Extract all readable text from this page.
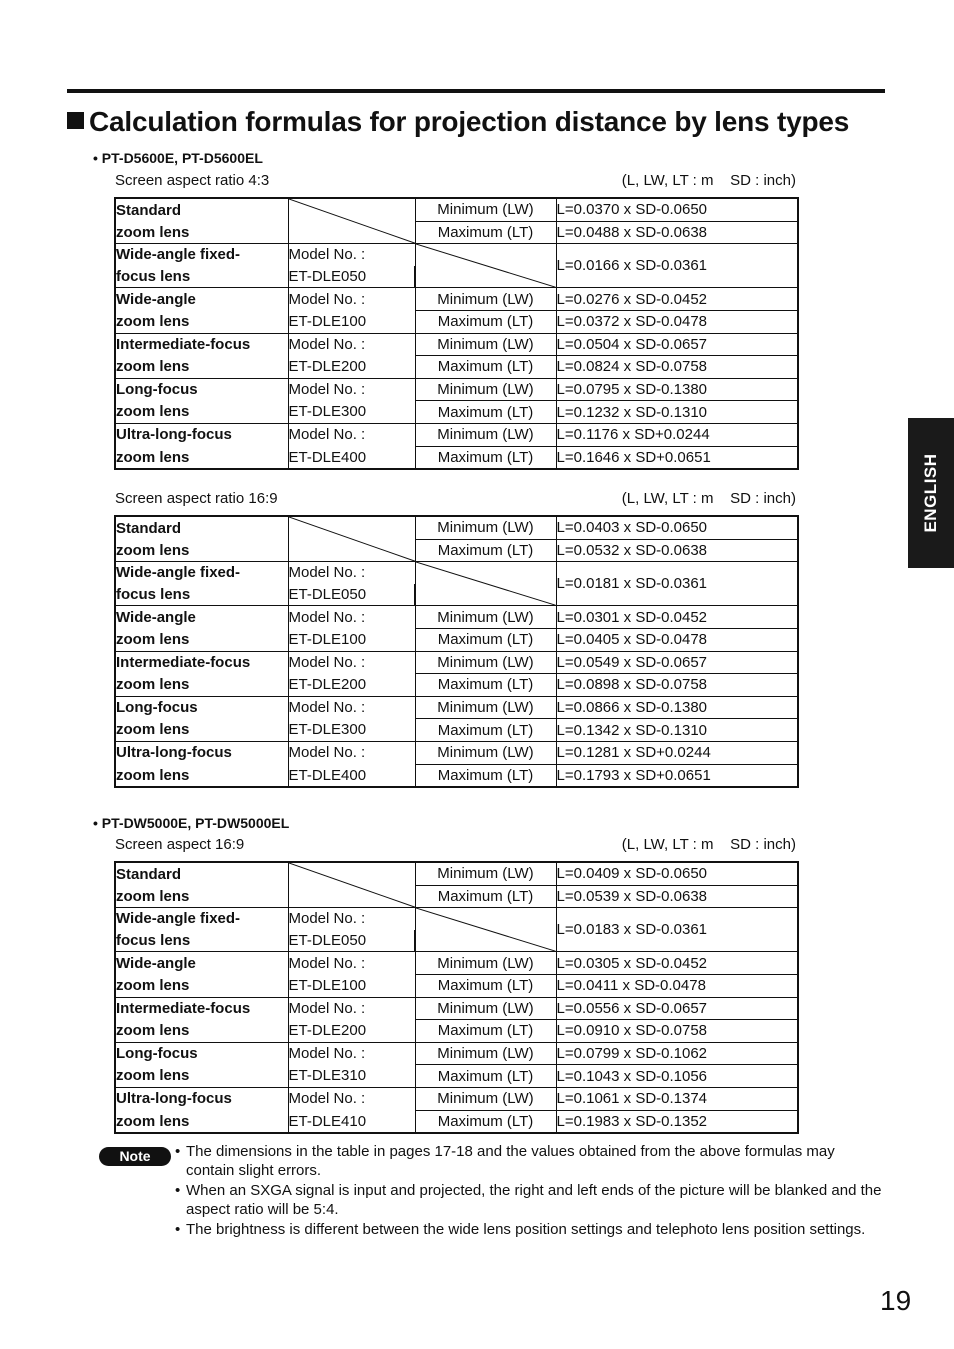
Calculation formulas for projection distance by lens types
ENGLISH
• PT-D5600E, PT-D5600EL
Screen aspect ratio 4:3	(L, LW, LT : m    SD : inch)
Standard		Minimum (LW)	L=0.0370 x SD-0.0650
zoom lens		Maximum (LT)	L=0.0488 x SD-0.0638
Wide-angle fixed-	Model No. :		L=0.0166 x SD-0.0361
focus lens	ET-DLE050		
Wide-angle	Model No. :	Minimum (LW)	L=0.0276 x SD-0.0452
zoom lens	ET-DLE100	Maximum (LT)	L=0.0372 x SD-0.0478
Intermediate-focus	Model No. :	Minimum (LW)	L=0.0504 x SD-0.0657
zoom lens	ET-DLE200	Maximum (LT)	L=0.0824 x SD-0.0758
Long-focus	Model No. :	Minimum (LW)	L=0.0795 x SD-0.1380
zoom lens	ET-DLE300	Maximum (LT)	L=0.1232 x SD-0.1310
Ultra-long-focus	Model No. :	Minimum (LW)	L=0.1176 x SD+0.0244
zoom lens	ET-DLE400	Maximum (LT)	L=0.1646 x SD+0.0651
Screen aspect ratio 16:9	(L, LW, LT : m    SD : inch)
Standard		Minimum (LW)	L=0.0403 x SD-0.0650
zoom lens		Maximum (LT)	L=0.0532 x SD-0.0638
Wide-angle fixed-	Model No. :		L=0.0181 x SD-0.0361
focus lens	ET-DLE050		
Wide-angle	Model No. :	Minimum (LW)	L=0.0301 x SD-0.0452
zoom lens	ET-DLE100	Maximum (LT)	L=0.0405 x SD-0.0478
Intermediate-focus	Model No. :	Minimum (LW)	L=0.0549 x SD-0.0657
zoom lens	ET-DLE200	Maximum (LT)	L=0.0898 x SD-0.0758
Long-focus	Model No. :	Minimum (LW)	L=0.0866 x SD-0.1380
zoom lens	ET-DLE300	Maximum (LT)	L=0.1342 x SD-0.1310
Ultra-long-focus	Model No. :	Minimum (LW)	L=0.1281 x SD+0.0244
zoom lens	ET-DLE400	Maximum (LT)	L=0.1793 x SD+0.0651
• PT-DW5000E, PT-DW5000EL
Screen aspect 16:9	(L, LW, LT : m    SD : inch)
Standard		Minimum (LW)	L=0.0409 x SD-0.0650
zoom lens		Maximum (LT)	L=0.0539 x SD-0.0638
Wide-angle fixed-	Model No. :		L=0.0183 x SD-0.0361
focus lens	ET-DLE050		
Wide-angle	Model No. :	Minimum (LW)	L=0.0305 x SD-0.0452
zoom lens	ET-DLE100	Maximum (LT)	L=0.0411 x SD-0.0478
Intermediate-focus	Model No. :	Minimum (LW)	L=0.0556 x SD-0.0657
zoom lens	ET-DLE200	Maximum (LT)	L=0.0910 x SD-0.0758
Long-focus	Model No. :	Minimum (LW)	L=0.0799 x SD-0.1062
zoom lens	ET-DLE310	Maximum (LT)	L=0.1043 x SD-0.1056
Ultra-long-focus	Model No. :	Minimum (LW)	L=0.1061 x SD-0.1374
zoom lens	ET-DLE410	Maximum (LT)	L=0.1983 x SD-0.1352
Note	• The dimensions in the table in pages 17-18 and the values obtained from the above formulas may contain slight errors.
• When an SXGA signal is input and projected, the right and left ends of the picture will be blanked and the aspect ratio will be 5:4.
• The brightness is different between the wide lens position settings and telephoto lens position settings.
19
